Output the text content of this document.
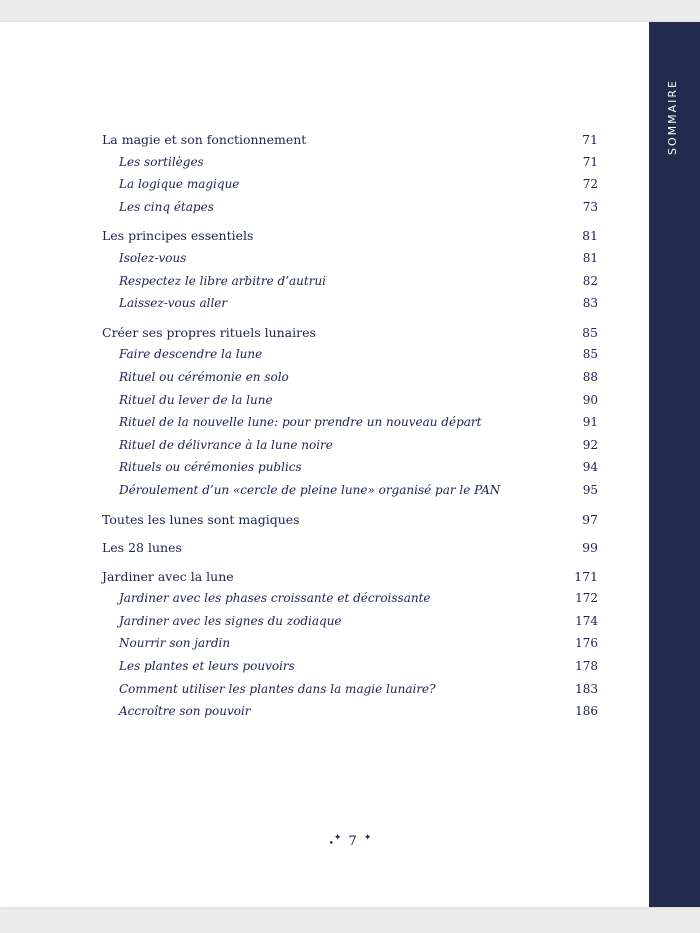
SOMMAIRE
La magie et son fonctionnement	71
Les sortilèges	71
La logique magique	72
Les cinq étapes	73
Les principes essentiels	81
Isolez-vous	81
Respectez le libre arbitre d’autrui	82
Laissez-vous aller	83
Créer ses propres rituels lunaires	85
Faire descendre la lune	85
Rituel ou cérémonie en solo	88
Rituel du lever de la lune	90
Rituel de la nouvelle lune: pour prendre un nouveau départ	91
Rituel de délivrance à la lune noire	92
Rituels ou cérémonies publics	94
Déroulement d’un «cercle de pleine lune» organisé par le PAN	95
Toutes les lunes sont magiques	97
Les 28 lunes	99
Jardiner avec la lune	171
Jardiner avec les phases croissante et décroissante	172
Jardiner avec les signes du zodiaque	174
Nourrir son jardin	176
Les plantes et leurs pouvoirs	178
Comment utiliser les plantes dans la magie lunaire?	183
Accroître son pouvoir	186
•✦ 7 ✦
